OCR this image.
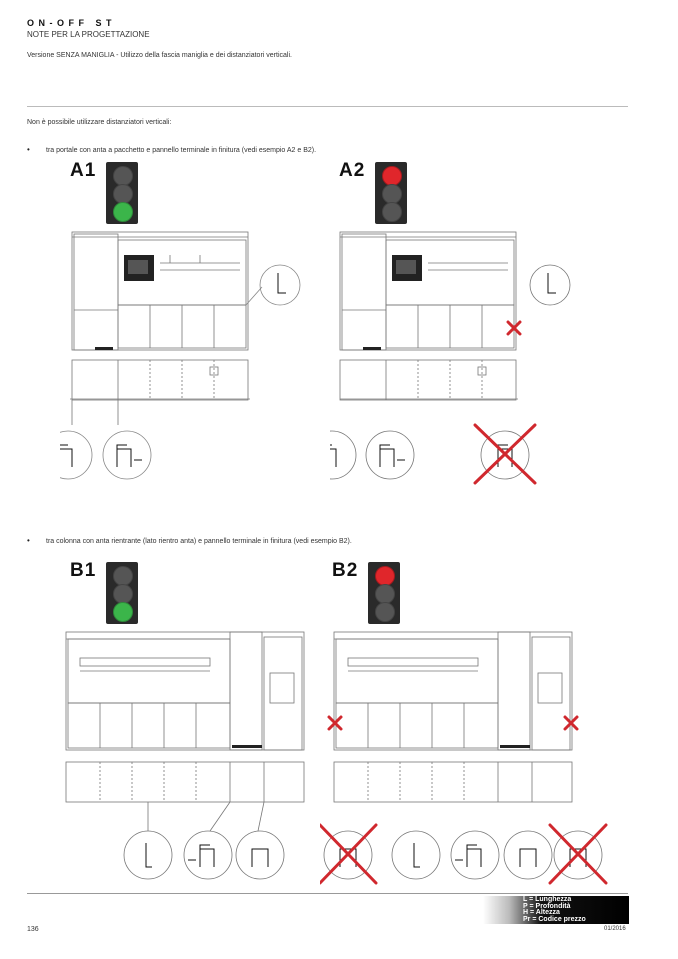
ON-OFF ST
NOTE PER LA PROGETTAZIONE
Versione SENZA MANIGLIA - Utilizzo della fascia maniglia e dei distanziatori verticali.
Non è possibile utilizzare distanziatori verticali:
• tra portale con anta a pacchetto e pannello terminale in finitura (vedi esempio A2 e B2).
A1	A2
• tra colonna con anta rientrante (lato rientro anta) e pannello terminale in finitura (vedi esempio B2).
B1	B2
L = Lunghezza
P = Profondità
H = Altezza
Pr = Codice prezzo
136	01/2016
